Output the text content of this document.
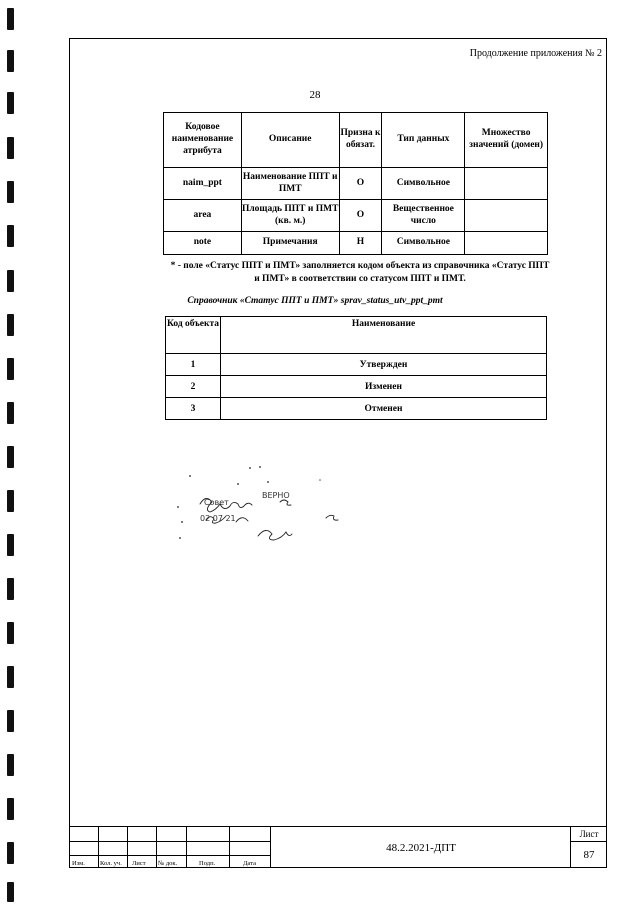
Продолжение приложения № 2
28
Кодовое наименование атрибута	Описание	Призна к обязат.	Тип данных	Множество значений (домен)
naim_ppt	Наименование ППТ и ПМТ	О	Символьное	
area	Площадь ППТ и ПМТ (кв. м.)	О	Вещественное число	
note	Примечания	Н	Символьное	
* - поле «Статус ППТ и ПМТ» заполняется кодом объекта из справочника «Статус ППТ и ПМТ» в соответствии со статусом ППТ и ПМТ.
Справочник «Статус ППТ и ПМТ» sprav_status_utv_ppt_pmt
Код объекта	Наименование
1	Утвержден
2	Изменен
3	Отменен
ВЕРНО
Совет
02 07 21
Изм. Кол. уч. Лист № док.	Подп.	Дата
48.2.2021-ДПТ
Лист
87
